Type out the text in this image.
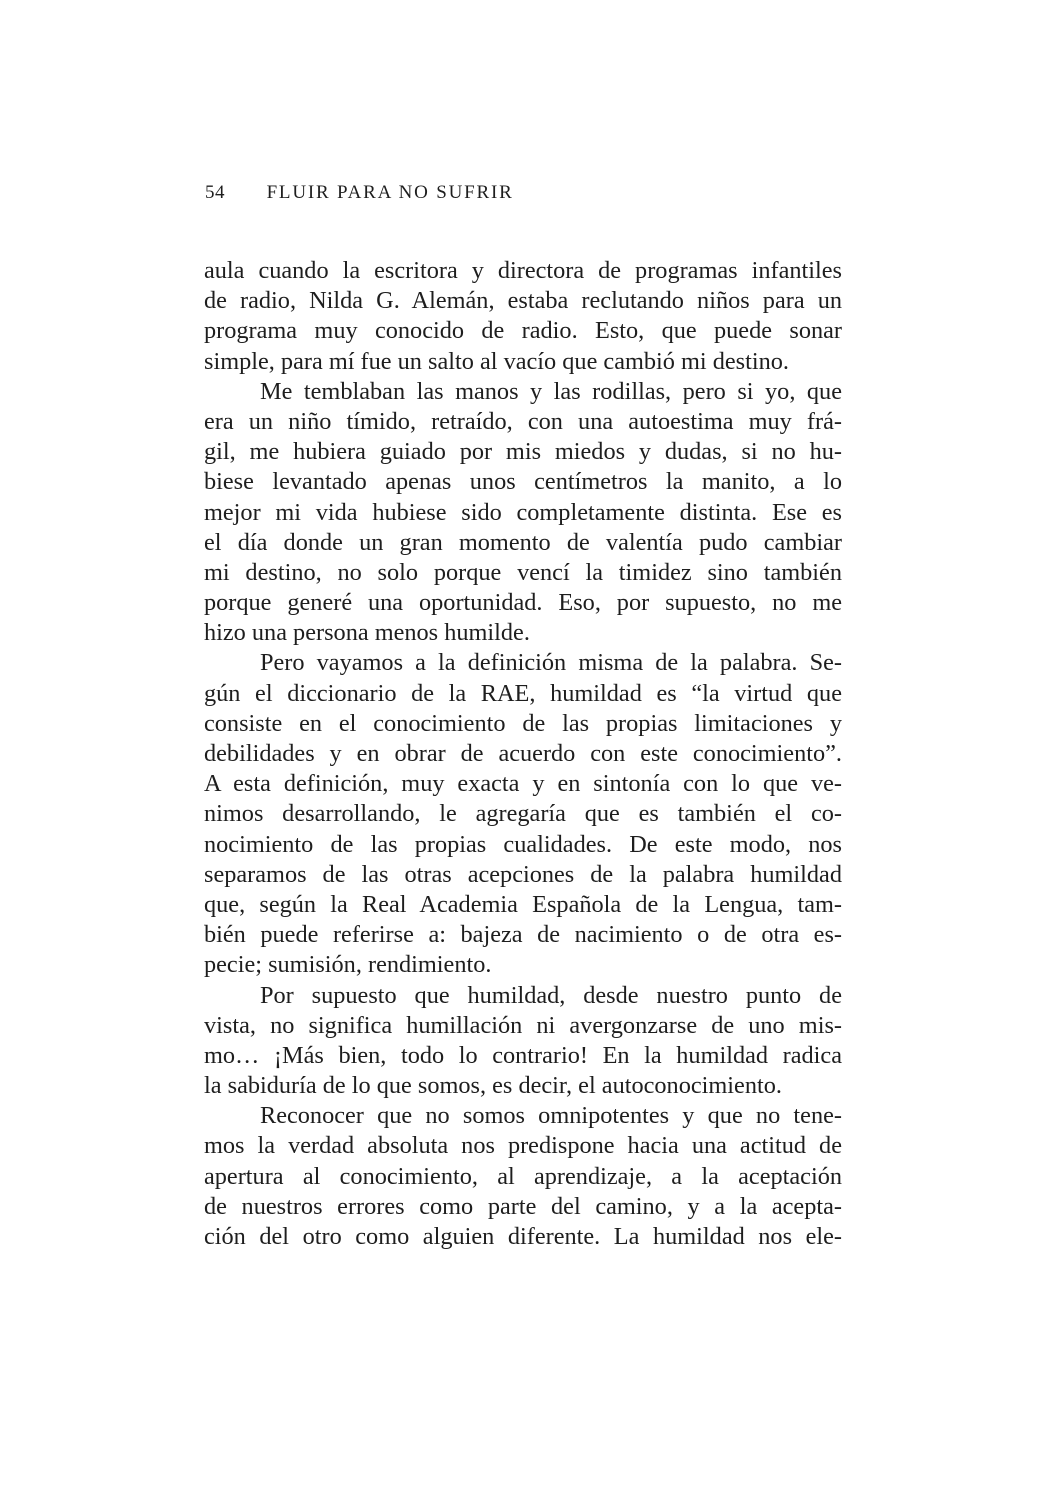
54 FLUIR PARA NO SUFRIR
aula cuando la escritora y directora de programas infantiles
de radio, Nilda G. Alemán, estaba reclutando niños para un
programa muy conocido de radio. Esto, que puede sonar
simple, para mí fue un salto al vacío que cambió mi destino.
Me temblaban las manos y las rodillas, pero si yo, que
era un niño tímido, retraído, con una autoestima muy frá-
gil, me hubiera guiado por mis miedos y dudas, si no hu-
biese levantado apenas unos centímetros la manito, a lo
mejor mi vida hubiese sido completamente distinta. Ese es
el día donde un gran momento de valentía pudo cambiar
mi destino, no solo porque vencí la timidez sino también
porque generé una oportunidad. Eso, por supuesto, no me
hizo una persona menos humilde.
Pero vayamos a la definición misma de la palabra. Se-
gún el diccionario de la RAE, humildad es “la virtud que
consiste en el conocimiento de las propias limitaciones y
debilidades y en obrar de acuerdo con este conocimiento”.
A esta definición, muy exacta y en sintonía con lo que ve-
nimos desarrollando, le agregaría que es también el co-
nocimiento de las propias cualidades. De este modo, nos
separamos de las otras acepciones de la palabra humildad
que, según la Real Academia Española de la Lengua, tam-
bién puede referirse a: bajeza de nacimiento o de otra es-
pecie; sumisión, rendimiento.
Por supuesto que humildad, desde nuestro punto de
vista, no significa humillación ni avergonzarse de uno mis-
mo… ¡Más bien, todo lo contrario! En la humildad radica
la sabiduría de lo que somos, es decir, el autoconocimiento.
Reconocer que no somos omnipotentes y que no tene-
mos la verdad absoluta nos predispone hacia una actitud de
apertura al conocimiento, al aprendizaje, a la aceptación
de nuestros errores como parte del camino, y a la acepta-
ción del otro como alguien diferente. La humildad nos ele-
